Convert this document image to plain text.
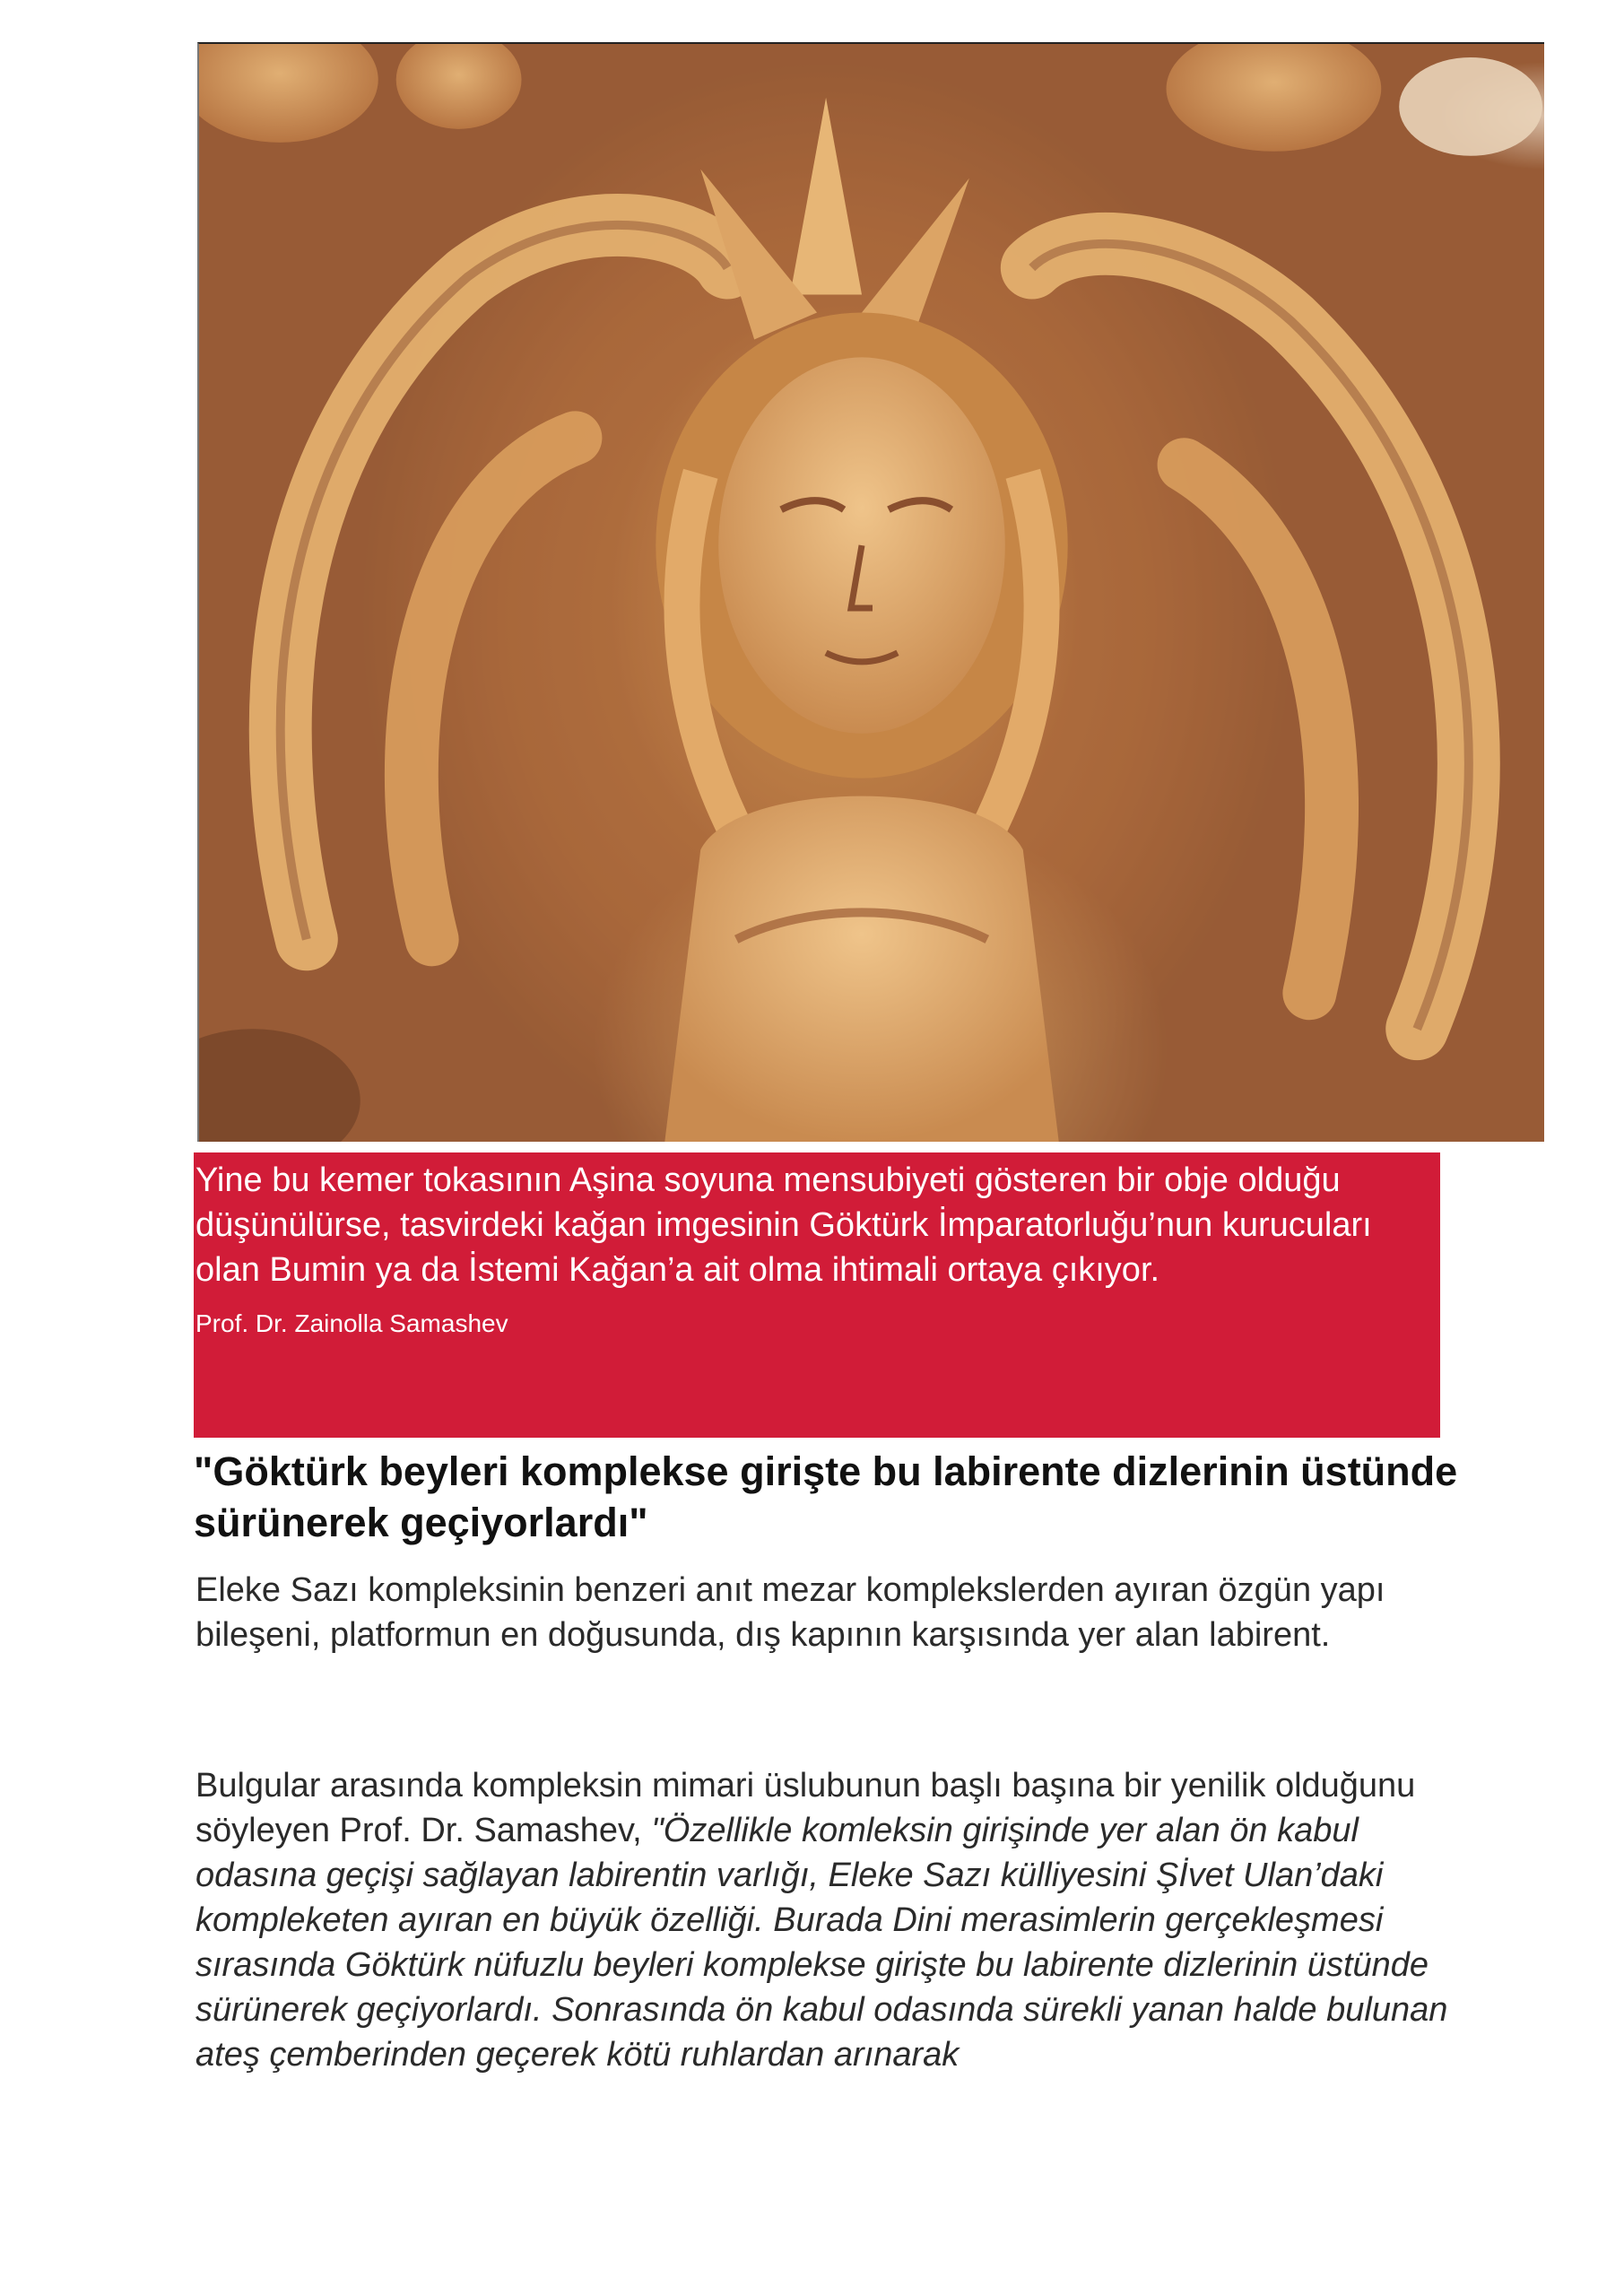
Yine bu kemer tokasının Aşina soyuna mensubiyeti gösteren bir obje olduğu düşünülürse, tasvirdeki kağan imgesinin Göktürk İmparatorluğu’nun kurucuları olan Bumin ya da İstemi Kağan’a ait olma ihtimali ortaya çıkıyor.

Prof. Dr. Zainolla Samashev

"Göktürk beyleri komplekse girişte bu labirente dizlerinin üstünde sürünerek geçiyorlardı"

Eleke Sazı kompleksinin benzeri anıt mezar komplekslerden ayıran özgün yapı bileşeni, platformun en doğusunda, dış kapının karşısında yer alan labirent.

Bulgular arasında kompleksin mimari üslubunun başlı başına bir yenilik olduğunu söyleyen Prof. Dr. Samashev, "Özellikle komleksin girişinde yer alan ön kabul odasına geçişi sağlayan labirentin varlığı, Eleke Sazı külliyesini Şİvet Ulan’daki kompleketen ayıran en büyük özelliği. Burada Dini merasimlerin gerçekleşmesi sırasında Göktürk nüfuzlu beyleri komplekse girişte bu labirente dizlerinin üstünde sürünerek geçiyorlardı. Sonrasında ön kabul odasında sürekli yanan halde bulunan ateş çemberinden geçerek kötü ruhlardan arınarak
